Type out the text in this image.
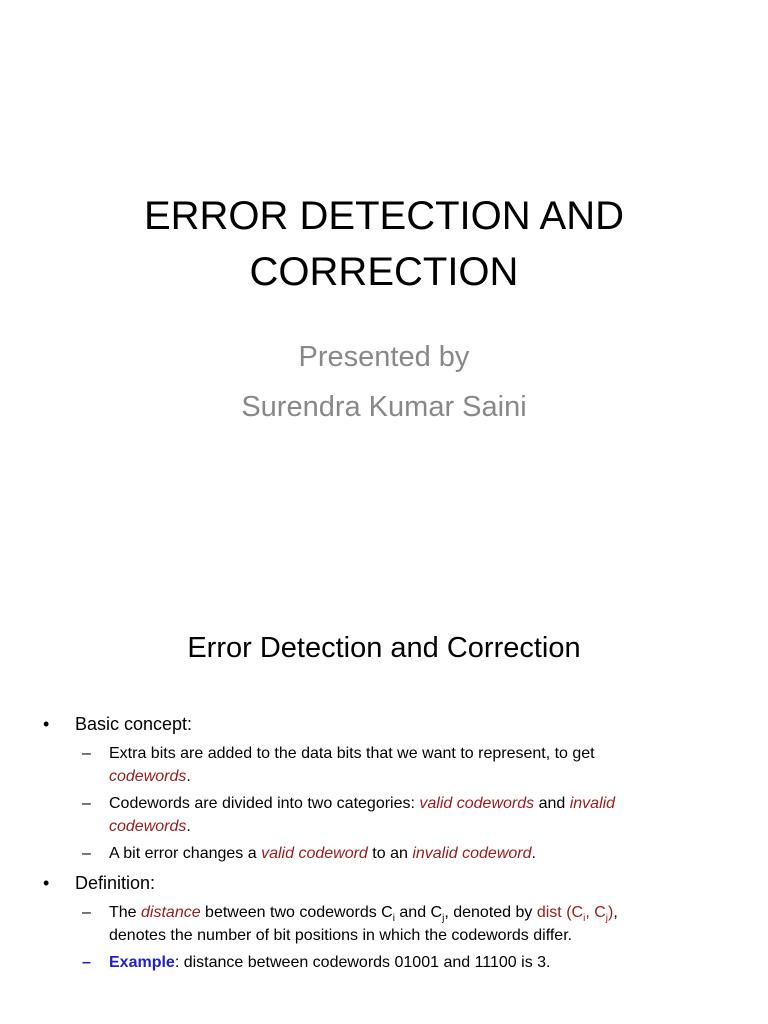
ERROR DETECTION AND
CORRECTION
Presented by
Surendra Kumar Saini
Error Detection and Correction
• Basic concept:
– Extra bits are added to the data bits that we want to represent, to get
codewords.
– Codewords are divided into two categories: valid codewords and invalid
codewords.
– A bit error changes a valid codeword to an invalid codeword.
• Definition:
– The distance between two codewords $C_i$ and $C_j$, denoted by dist ($C_i$, $C_j$),
denotes the number of bit positions in which the codewords differ.
– Example: distance between codewords 01001 and 11100 is 3.
